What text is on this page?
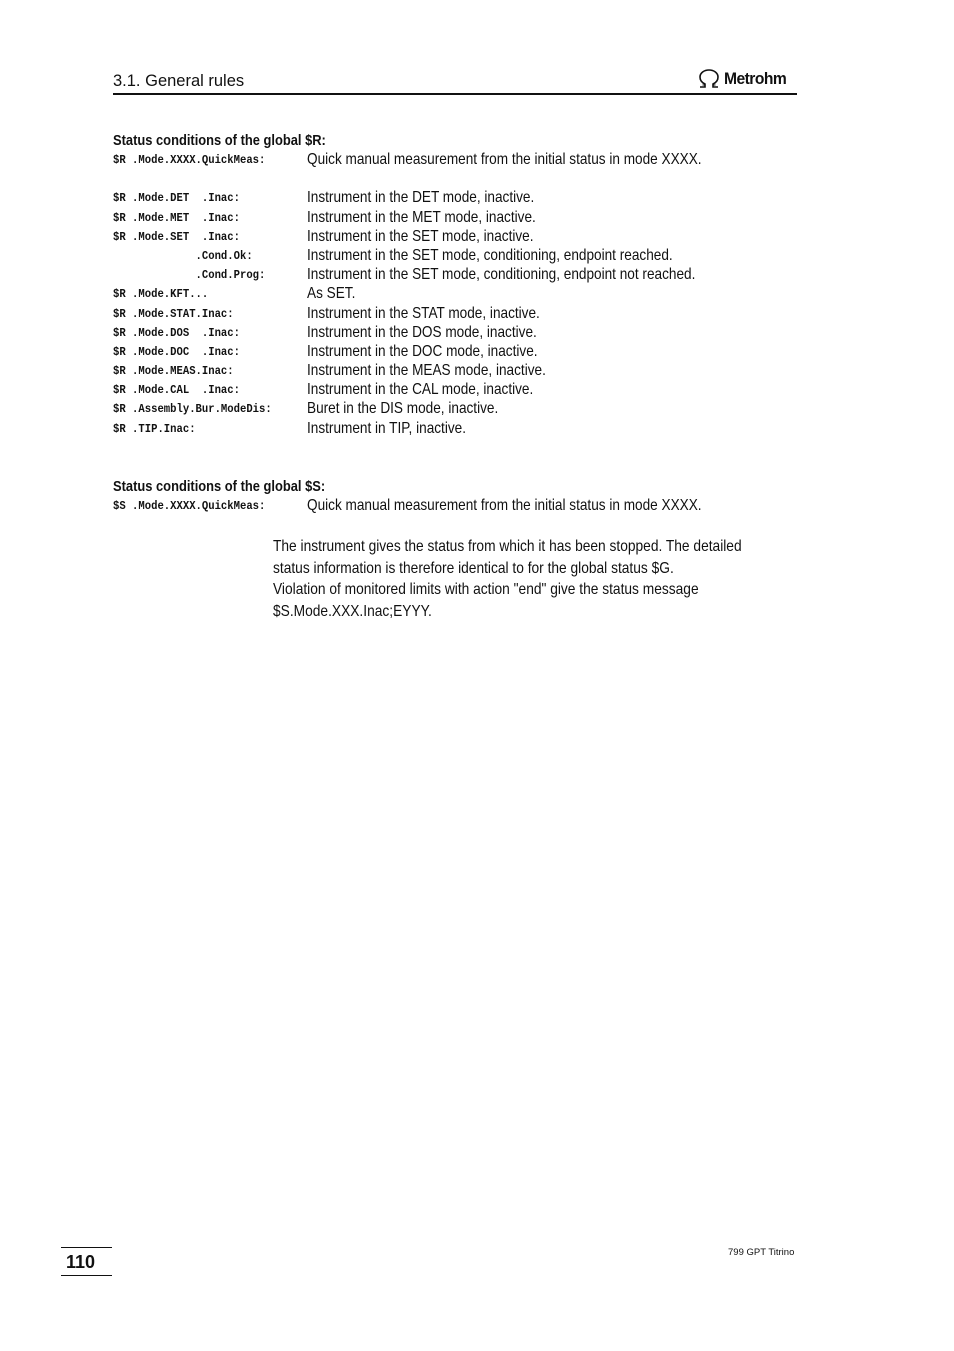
3.1. General rules	Metrohm
Status conditions of the global $R:
$R .Mode.XXXX.QuickMeas:	Quick manual measurement from the initial status in mode XXXX.
$R .Mode.DET  .Inac:	Instrument in the DET mode, inactive.
$R .Mode.MET  .Inac:	Instrument in the MET mode, inactive.
$R .Mode.SET  .Inac:	Instrument in the SET mode, inactive.
.Cond.Ok:	Instrument in the SET mode, conditioning, endpoint reached.
.Cond.Prog:	Instrument in the SET mode, conditioning, endpoint not reached.
$R .Mode.KFT...	As SET.
$R .Mode.STAT.Inac:	Instrument in the STAT mode, inactive.
$R .Mode.DOS  .Inac:	Instrument in the DOS mode, inactive.
$R .Mode.DOC  .Inac:	Instrument in the DOC mode, inactive.
$R .Mode.MEAS.Inac:	Instrument in the MEAS mode, inactive.
$R .Mode.CAL  .Inac:	Instrument in the CAL mode, inactive.
$R .Assembly.Bur.ModeDis: Buret in the DIS mode, inactive.
$R .TIP.Inac:	Instrument in TIP, inactive.
Status conditions of the global $S:
$S .Mode.XXXX.QuickMeas:	Quick manual measurement from the initial status in mode XXXX.
The instrument gives the status from which it has been stopped. The detailed
status information is therefore identical to for the global status $G.
Violation of monitored limits with action "end" give the status message
$S.Mode.XXX.Inac;EYYY.
110	799 GPT Titrino
